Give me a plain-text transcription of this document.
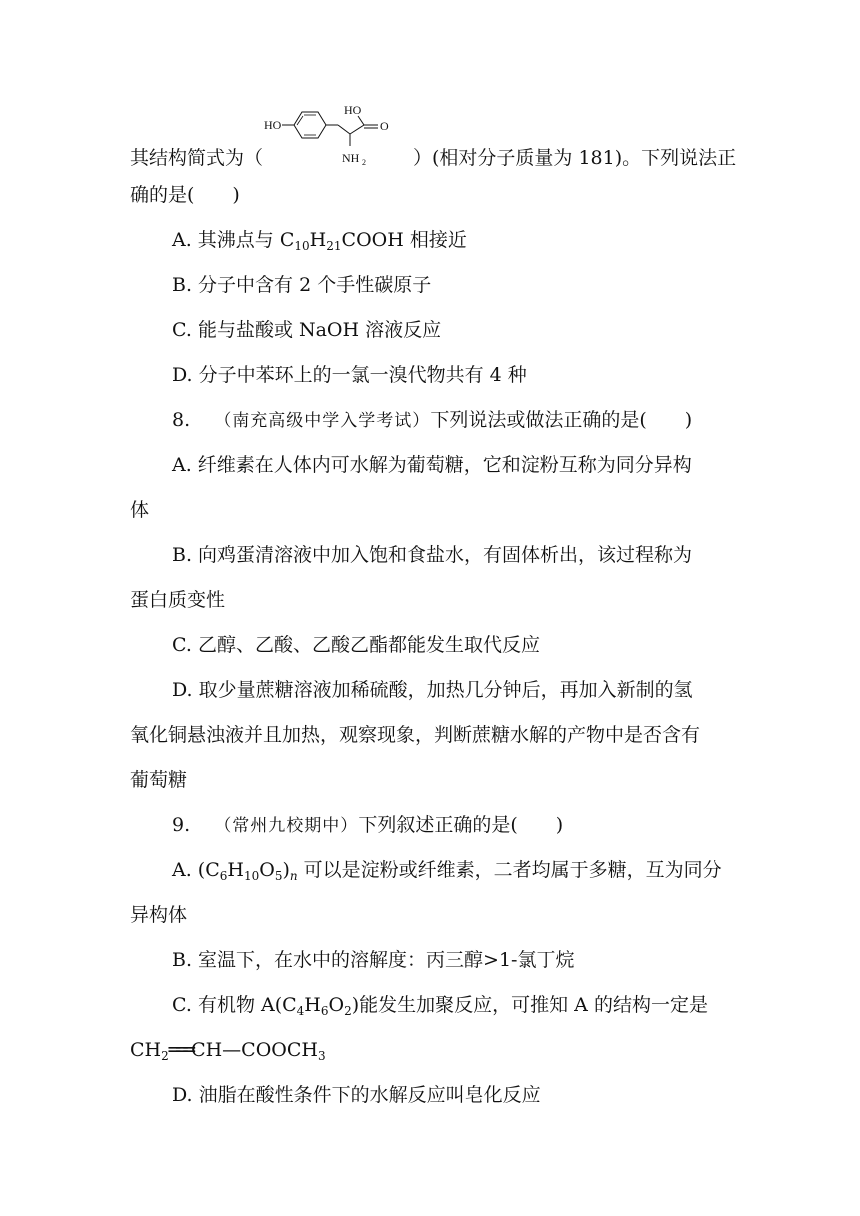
HO
HO
O
NH 2
其结构简式为（	）(相对分子质量为 181)。下列说法正
确的是(　　)
A. 其沸点与 $C_{10}H_{21}COOH$ 相接近
B. 分子中含有 2 个手性碳原子
C. 能与盐酸或 NaOH 溶液反应
D. 分子中苯环上的一氯一溴代物共有 4 种
8. （南充高级中学入学考试）下列说法或做法正确的是(　　)
A. 纤维素在人体内可水解为葡萄糖，它和淀粉互称为同分异构
体
B. 向鸡蛋清溶液中加入饱和食盐水，有固体析出，该过程称为
蛋白质变性
C. 乙醇、乙酸、乙酸乙酯都能发生取代反应
D. 取少量蔗糖溶液加稀硫酸，加热几分钟后，再加入新制的氢
氧化铜悬浊液并且加热，观察现象，判断蔗糖水解的产物中是否含有
葡萄糖
9. （常州九校期中）下列叙述正确的是(　　)
A. $(C_6H_{10}O_5)_n$ 可以是淀粉或纤维素，二者均属于多糖，互为同分
异构体
B. 室温下，在水中的溶解度：丙三醇>1-氯丁烷
C. 有机物 $A(C_4H_6O_2)$能发生加聚反应，可推知 A 的结构一定是
$CH_2═══CH—COOCH_3$
D. 油脂在酸性条件下的水解反应叫皂化反应
